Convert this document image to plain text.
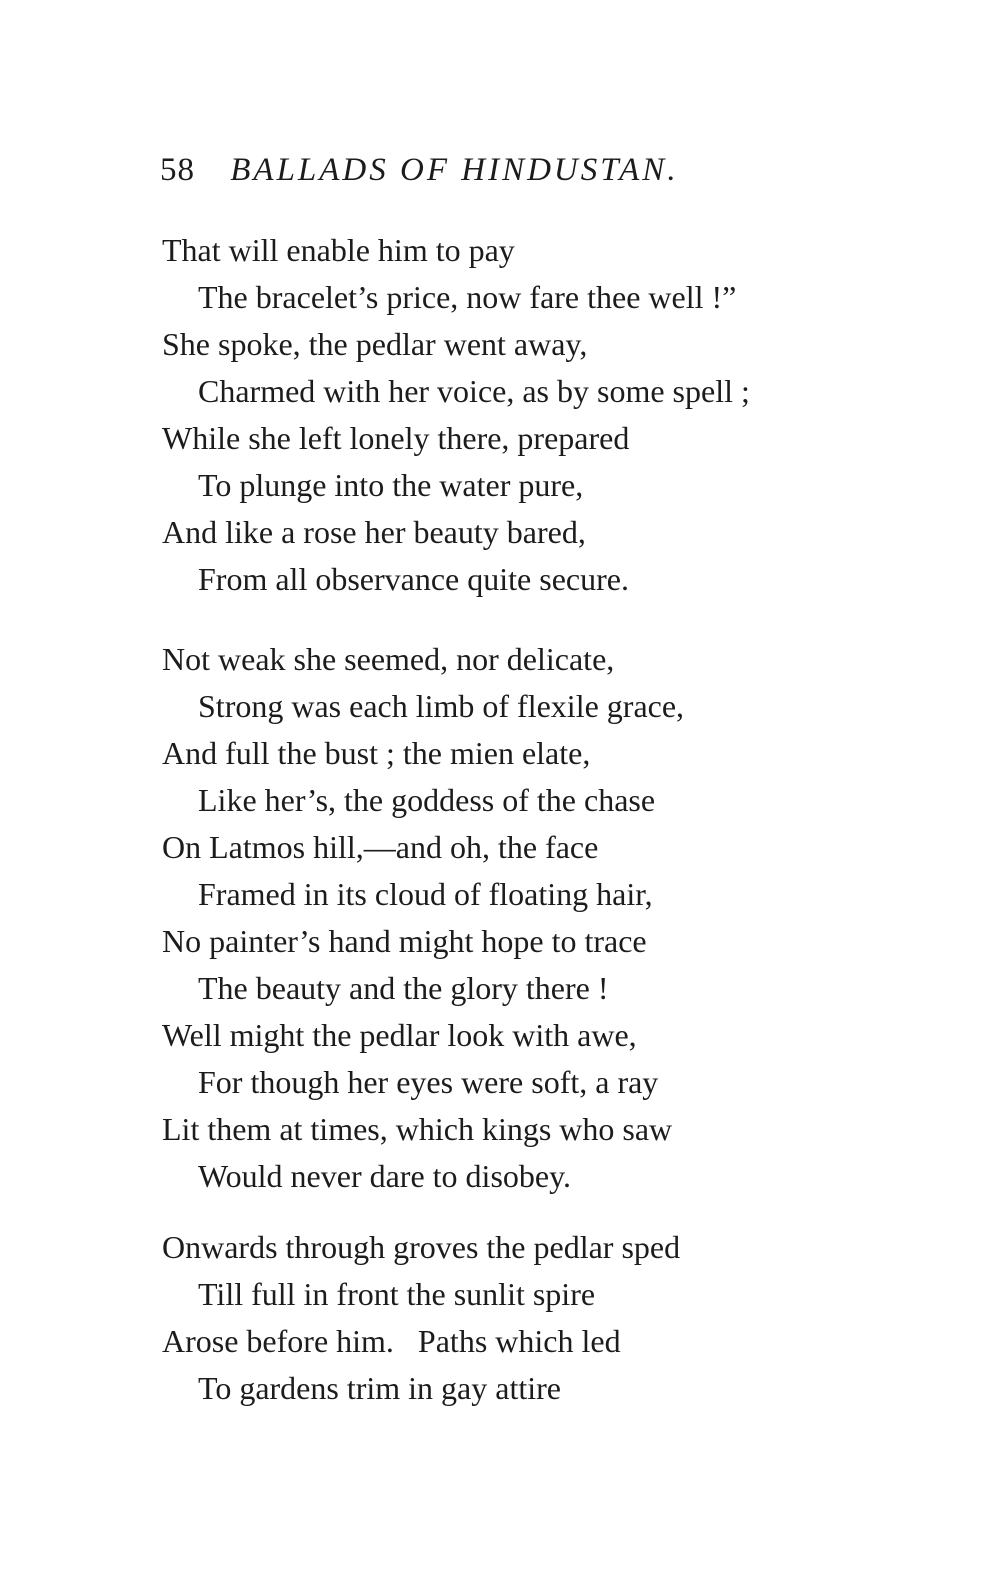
58 BALLADS OF HINDUSTAN.
That will enable him to pay
The bracelet’s price, now fare thee well !”
She spoke, the pedlar went away,
Charmed with her voice, as by some spell ;
While she left lonely there, prepared
To plunge into the water pure,
And like a rose her beauty bared,
From all observance quite secure.
Not weak she seemed, nor delicate,
Strong was each limb of flexile grace,
And full the bust ; the mien elate,
Like her’s, the goddess of the chase
On Latmos hill,—and oh, the face
Framed in its cloud of floating hair,
No painter’s hand might hope to trace
The beauty and the glory there !
Well might the pedlar look with awe,
For though her eyes were soft, a ray
Lit them at times, which kings who saw
Would never dare to disobey.
Onwards through groves the pedlar sped
Till full in front the sunlit spire
Arose before him.   Paths which led
To gardens trim in gay attire
